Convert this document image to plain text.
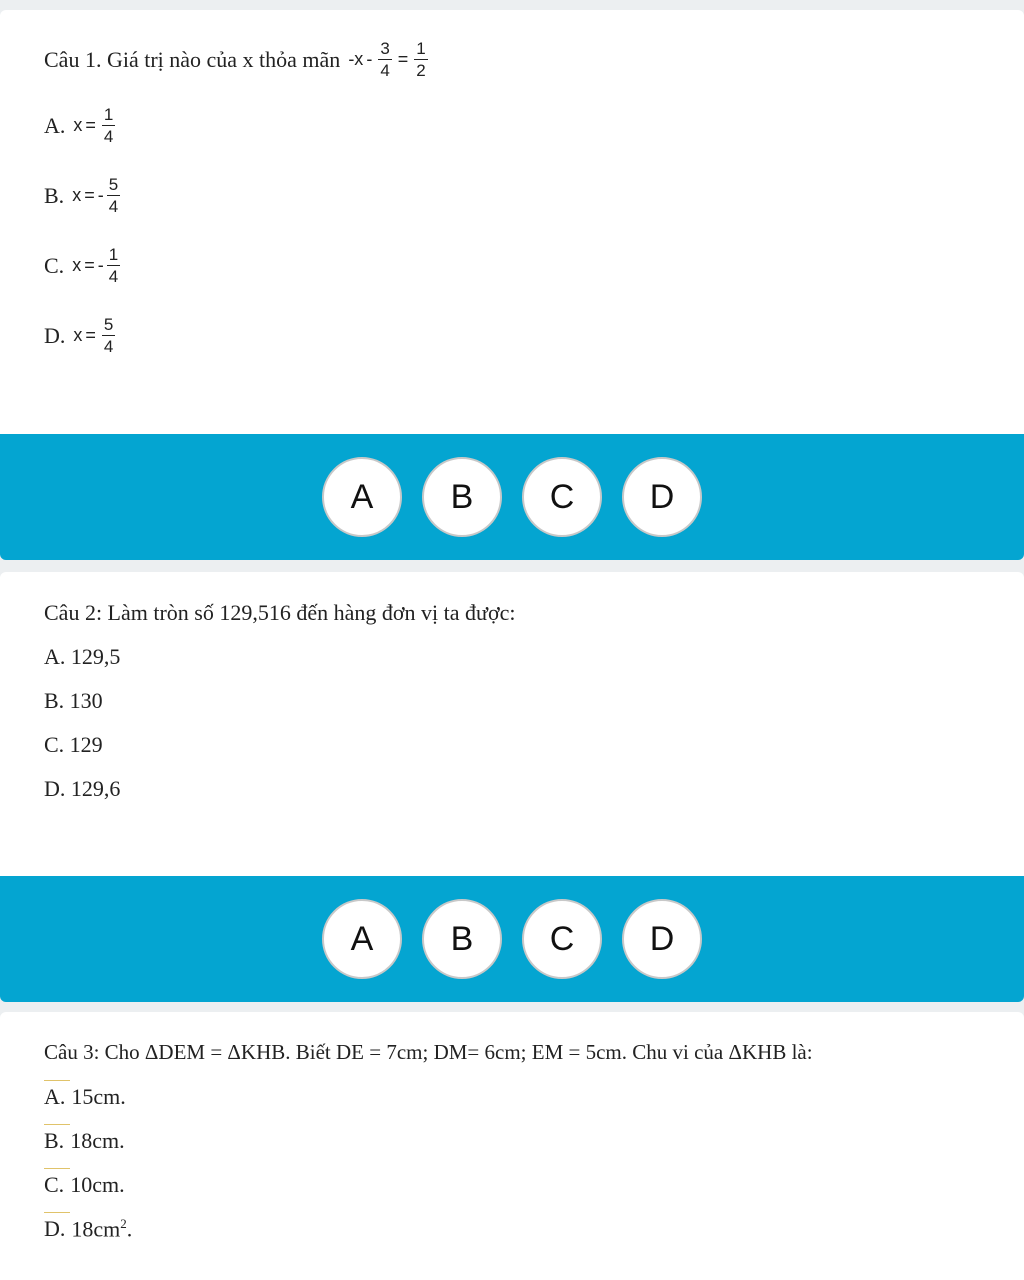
Câu 1. Giá trị nào của x thỏa mãn $-x - \frac{3}{4} = \frac{1}{2}$
A. $x = \frac{1}{4}$
B. x = - $\frac{5}{4}$
C. x = - $\frac{1}{4}$
D. $x = \frac{5}{4}$
A	B	C	D
Câu 2: Làm tròn số 129,516 đến hàng đơn vị ta được:
A. 129,5
B. 130
C. 129
D. 129,6
A	B	C	D
Câu 3: Cho ΔDEM = ΔKHB. Biết DE = 7cm; DM= 6cm; EM = 5cm. Chu vi của ΔKHB là:
A. 15cm.
B. 18cm.
C. 10cm.
D. $18cm^2$.
